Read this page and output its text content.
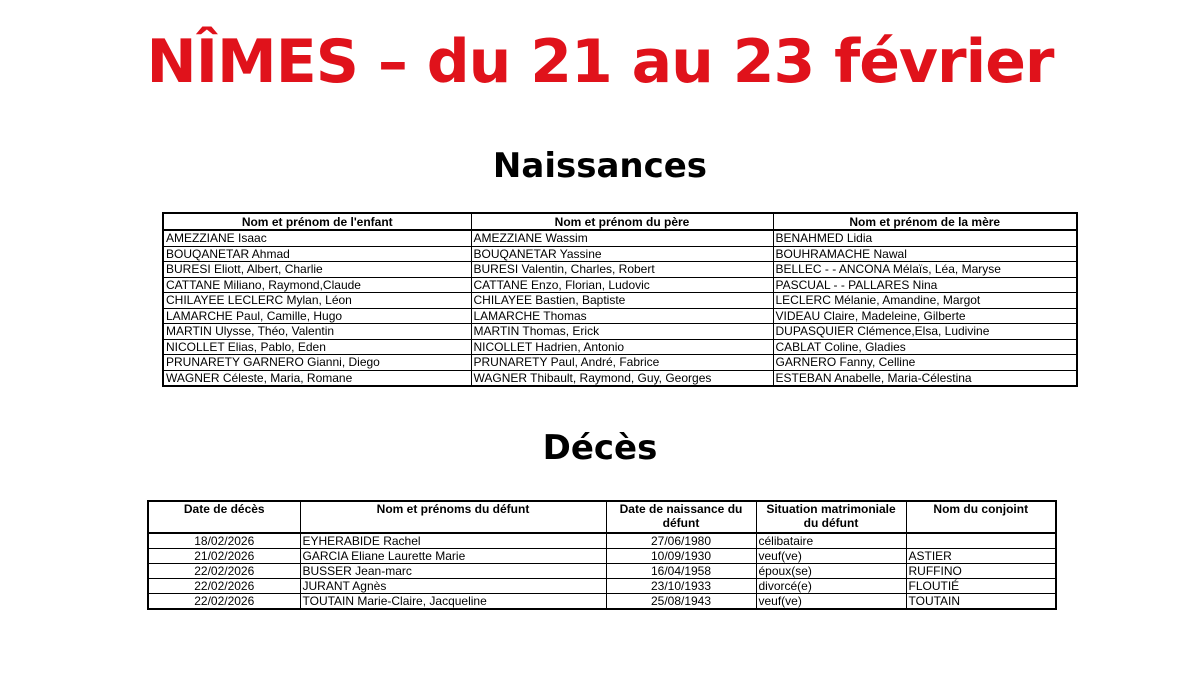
NÎMES – du 21 au 23 février
Naissances
Nom et prénom de l'enfant	Nom et prénom du père	Nom et prénom de la mère
AMEZZIANE Isaac	AMEZZIANE Wassim	BENAHMED Lidia
BOUQANETAR Ahmad	BOUQANETAR Yassine	BOUHRAMACHE Nawal
BURESI Eliott, Albert, Charlie	BURESI Valentin, Charles, Robert	BELLEC - - ANCONA Mélaïs, Léa, Maryse
CATTANE Miliano, Raymond,Claude	CATTANE Enzo, Florian, Ludovic	PASCUAL - - PALLARES Nina
CHILAYEE LECLERC Mylan, Léon	CHILAYEE Bastien, Baptiste	LECLERC Mélanie, Amandine, Margot
LAMARCHE Paul, Camille, Hugo	LAMARCHE Thomas	VIDEAU Claire, Madeleine, Gilberte
MARTIN Ulysse, Théo, Valentin	MARTIN Thomas, Erick	DUPASQUIER Clémence,Elsa, Ludivine
NICOLLET Elias, Pablo, Eden	NICOLLET Hadrien, Antonio	CABLAT Coline, Gladies
PRUNARETY GARNERO Gianni, Diego	PRUNARETY Paul, André, Fabrice	GARNERO Fanny, Celline
WAGNER Céleste, Maria, Romane	WAGNER Thibault, Raymond, Guy, Georges	ESTEBAN Anabelle, Maria-Célestina
Décès
Date de décès	Nom et prénoms du défunt	Date de naissance du défunt	Situation matrimoniale du défunt	Nom du conjoint
18/02/2026	EYHERABIDE Rachel	27/06/1980	célibataire	
21/02/2026	GARCIA Eliane Laurette Marie	10/09/1930	veuf(ve)	ASTIER
22/02/2026	BUSSER Jean-marc	16/04/1958	époux(se)	RUFFINO
22/02/2026	JURANT Agnès	23/10/1933	divorcé(e)	FLOUTIÉ
22/02/2026	TOUTAIN Marie-Claire, Jacqueline	25/08/1943	veuf(ve)	TOUTAIN
